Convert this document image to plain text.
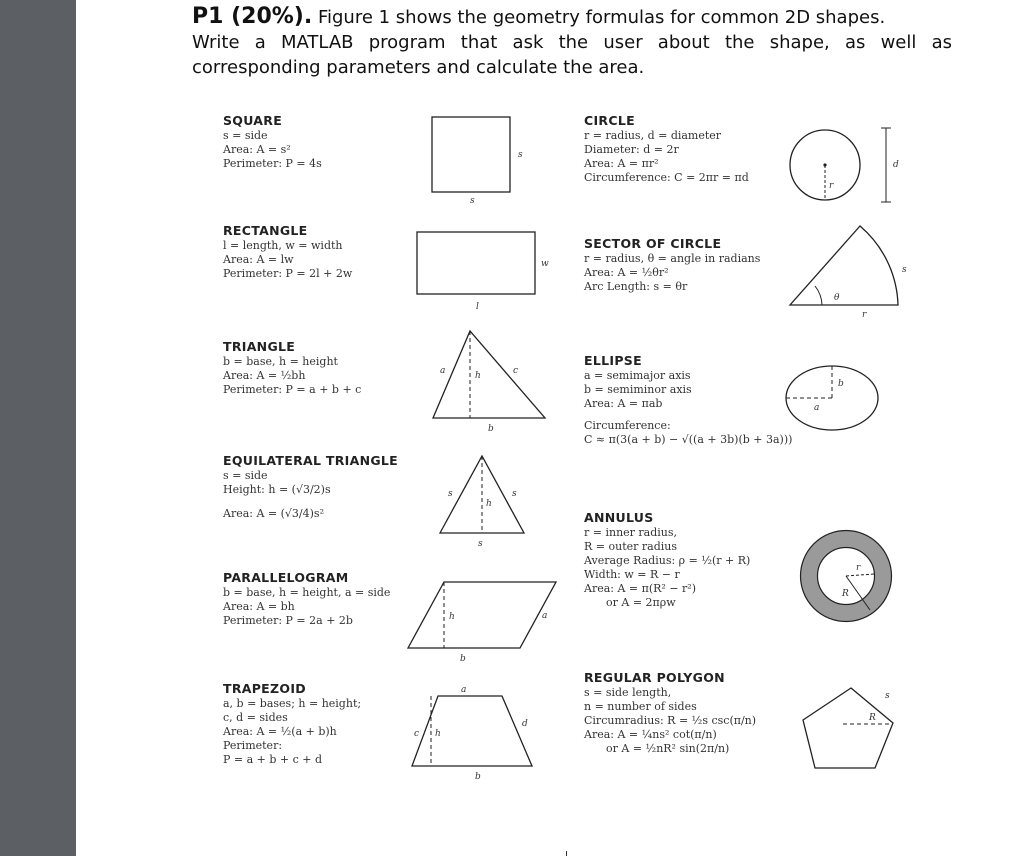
P1 (20%). Figure 1 shows the geometry formulas for common 2D shapes.
Write a MATLAB program that ask the user about the shape, as well as
corresponding parameters and calculate the area.
SQUARE
s = side
Area: A = s²
Perimeter: P = 4s
s
s
RECTANGLE
l = length, w = width
Area: A = lw
Perimeter: P = 2l + 2w
w
l
TRIANGLE
b = base, h = height
Area: A = ½bh
Perimeter: P = a + b + c
a	c
h
b
EQUILATERAL TRIANGLE
s = side
Height: h = (√3/2)s
Area: A = (√3/4)s²
s	s
h
s
PARALLELOGRAM
b = base, h = height, a = side
Area: A = bh
Perimeter: P = 2a + 2b	h	a
b
TRAPEZOID
a, b = bases; h = height;
c, d = sides
Area: A = ½(a + b)h
Perimeter:
P = a + b + c + d
a
c h
d
b
CIRCLE
r = radius, d = diameter
Diameter: d = 2r
Area: A = πr²
Circumference: C = 2πr = πd
r
d
SECTOR OF CIRCLE
r = radius, θ = angle in radians
Area: A = ½θr²
Arc Length: s = θr
θ
s
r
ELLIPSE
a = semimajor axis
b = semiminor axis
Area: A = πab
Circumference:
C ≈ π(3(a + b) − √((a + 3b)(b + 3a)))
a
b
ANNULUS
r = inner radius,
R = outer radius
Average Radius: ρ = ½(r + R)
Width: w = R − r
Area: A = π(R² − r²)
or A = 2πρw
r
R
REGULAR POLYGON
s = side length,
n = number of sides
Circumradius: R = ½s csc(π/n)
Area: A = ¼ns² cot(π/n)
or A = ½nR² sin(2π/n)
R
s
